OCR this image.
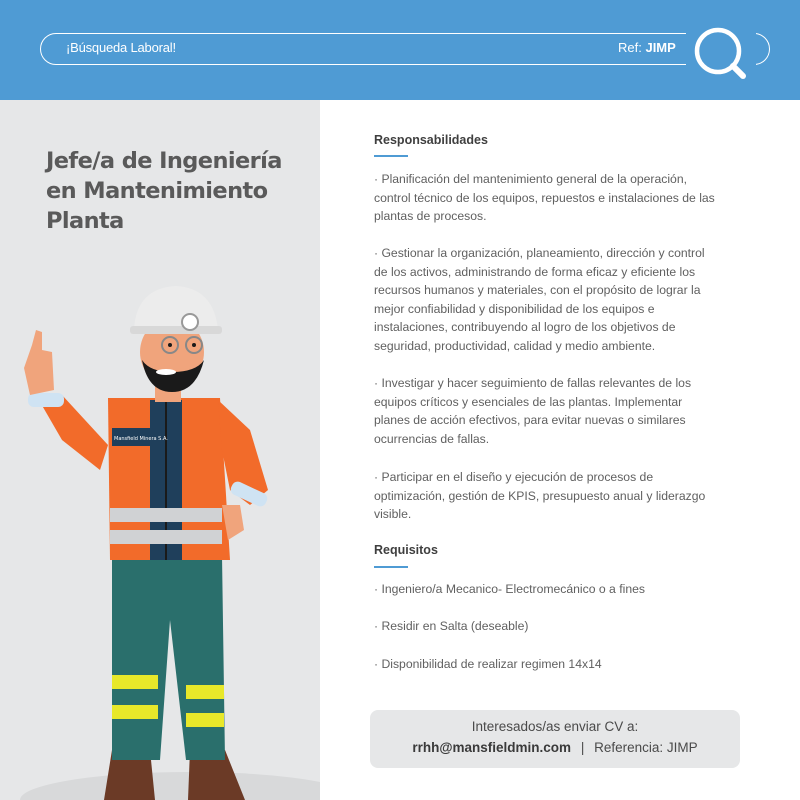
¡Búsqueda Laboral!	Ref: JIMP
Jefe/a de Ingeniería
en Mantenimiento
Planta
Mansfield Minera S.A.
Responsabilidades
· Planificación del mantenimiento general de la operación, control técnico de los equipos, repuestos e instalaciones de las plantas de procesos.
· Gestionar la organización, planeamiento, dirección y control de los activos, administrando de forma eficaz y eficiente los recursos humanos y materiales, con el propósito de lograr la mejor confiabilidad y disponibilidad de los equipos e instalaciones, contribuyendo al logro de los objetivos de seguridad, productividad, calidad y medio ambiente.
· Investigar y hacer seguimiento de fallas relevantes de los equipos críticos y esenciales de las plantas. Implementar planes de acción efectivos, para evitar nuevas o similares ocurrencias de fallas.
· Participar en el diseño y ejecución de procesos de optimización, gestión de KPIS, presupuesto anual y liderazgo visible.
Requisitos
· Ingeniero/a Mecanico- Electromecánico o a fines
· Residir en Salta (deseable)
· Disponibilidad de realizar regimen 14x14
Interesados/as enviar CV a:
rrhh@mansfieldmin.com | Referencia: JIMP
